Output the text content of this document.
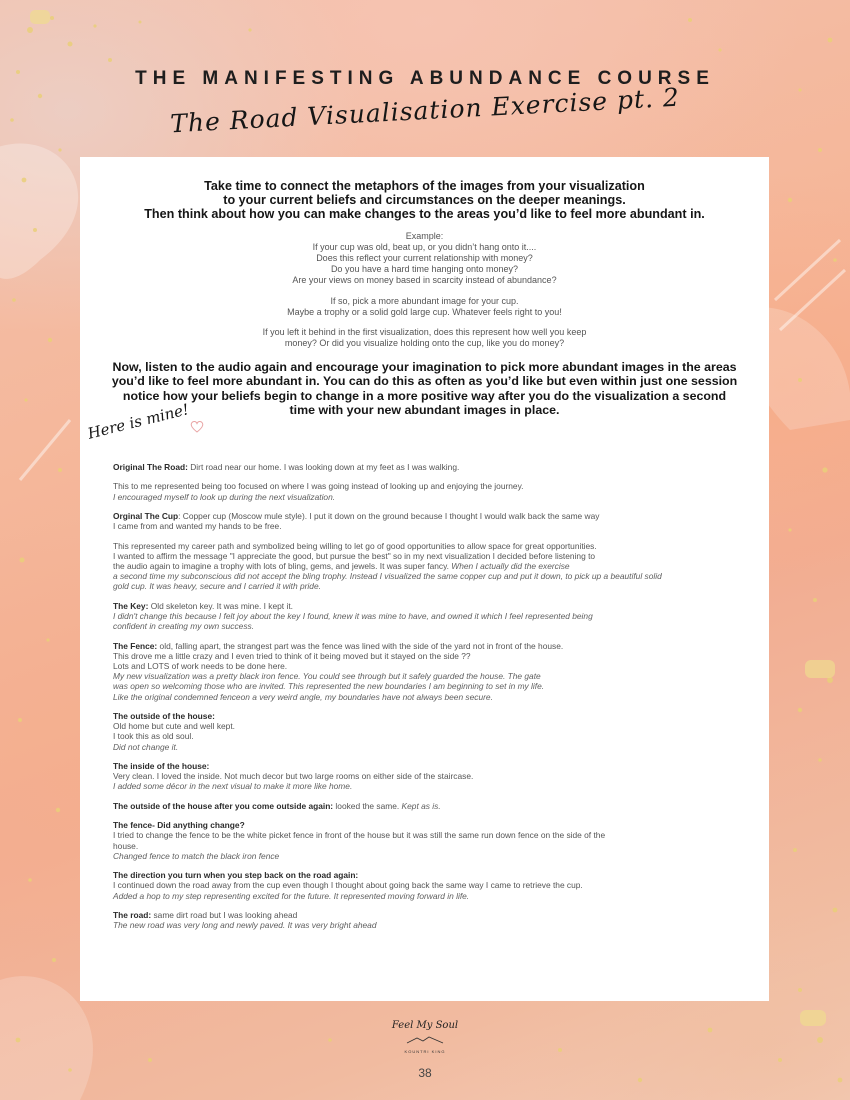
THE MANIFESTING ABUNDANCE COURSE
The Road Visualisation Exercise pt. 2
Take time to connect the metaphors of the images from your visualization
to your current beliefs and circumstances on the deeper meanings.
Then think about how you can make changes to the areas you’d like to feel more abundant in.
Example:
If your cup was old, beat up, or you didn’t hang onto it....
Does this reflect your current relationship with money?
Do you have a hard time hanging onto money?
Are your views on money based in scarcity instead of abundance?
If so, pick a more abundant image for your cup.
Maybe a trophy or a solid gold large cup. Whatever feels right to you!
If you left it behind in the first visualization, does this represent how well you keep
money? Or did you visualize holding onto the cup, like you do money?
Now, listen to the audio again and encourage your imagination to pick more abundant images in the areas you’d like to feel more abundant in. You can do this as often as you’d like but even within just one session notice how your beliefs begin to change in a more positive way after you do the visualization a second time with your new abundant images in place.
Here is mine!
Original The Road: Dirt road near our home. I was looking down at my feet as I was walking.
This to me represented being too focused on where I was going instead of looking up and enjoying the journey.
I encouraged myself to look up during the next visualization.
Orginal The Cup: Copper cup (Moscow mule style). I put it down on the ground because I thought I would walk back the same way
I came from and wanted my hands to be free.
This represented my career path and symbolized being willing to let go of good opportunities to allow space for great opportunities.
I wanted to affirm the message "I appreciate the good, but pursue the best" so in my next visualization I decided before listening to
the audio again to imagine a trophy with lots of bling, gems, and jewels. It was super fancy. When I actually did the exercise
a second time my subconscious did not accept the bling trophy. Instead I visualized the same copper cup and put it down, to pick up a beautiful solid
gold cup. It was heavy, secure and I carried it with pride.
The Key: Old skeleton key. It was mine. I kept it.
I didn't change this because I felt joy about the key I found, knew it was mine to have, and owned it which I feel represented being
confident in creating my own success.
The Fence: old, falling apart, the strangest part was the fence was lined with the side of the yard not in front of the house.
This drove me a little crazy and I even tried to think of it being moved but it stayed on the side ??
Lots and LOTS of work needs to be done here.
My new visualization was a pretty black iron fence. You could see through but it safely guarded the house. The gate
was open so welcoming those who are invited. This represented the new boundaries I am beginning to set in my life.
Like the original condemned fenceon a very weird angle, my boundaries have not always been secure.
The outside of the house:
Old home but cute and well kept.
I took this as old soul.
Did not change it.
The inside of the house:
Very clean. I loved the inside. Not much decor but two large rooms on either side of the staircase.
I added some décor in the next visual to make it more like home.
The outside of the house after you come outside again: looked the same. Kept as is.
The fence- Did anything change?
I tried to change the fence to be the white picket fence in front of the house but it was still the same run down fence on the side of the
house.
Changed fence to match the black iron fence
The direction you turn when you step back on the road again:
I continued down the road away from the cup even though I thought about going back the same way I came to retrieve the cup.
Added a hop to my step representing excited for the future. It represented moving forward in life.
The road: same dirt road but I was looking ahead
The new road was very long and newly paved. It was very bright ahead
Feel My Soul
KOUNTRI KING
38
